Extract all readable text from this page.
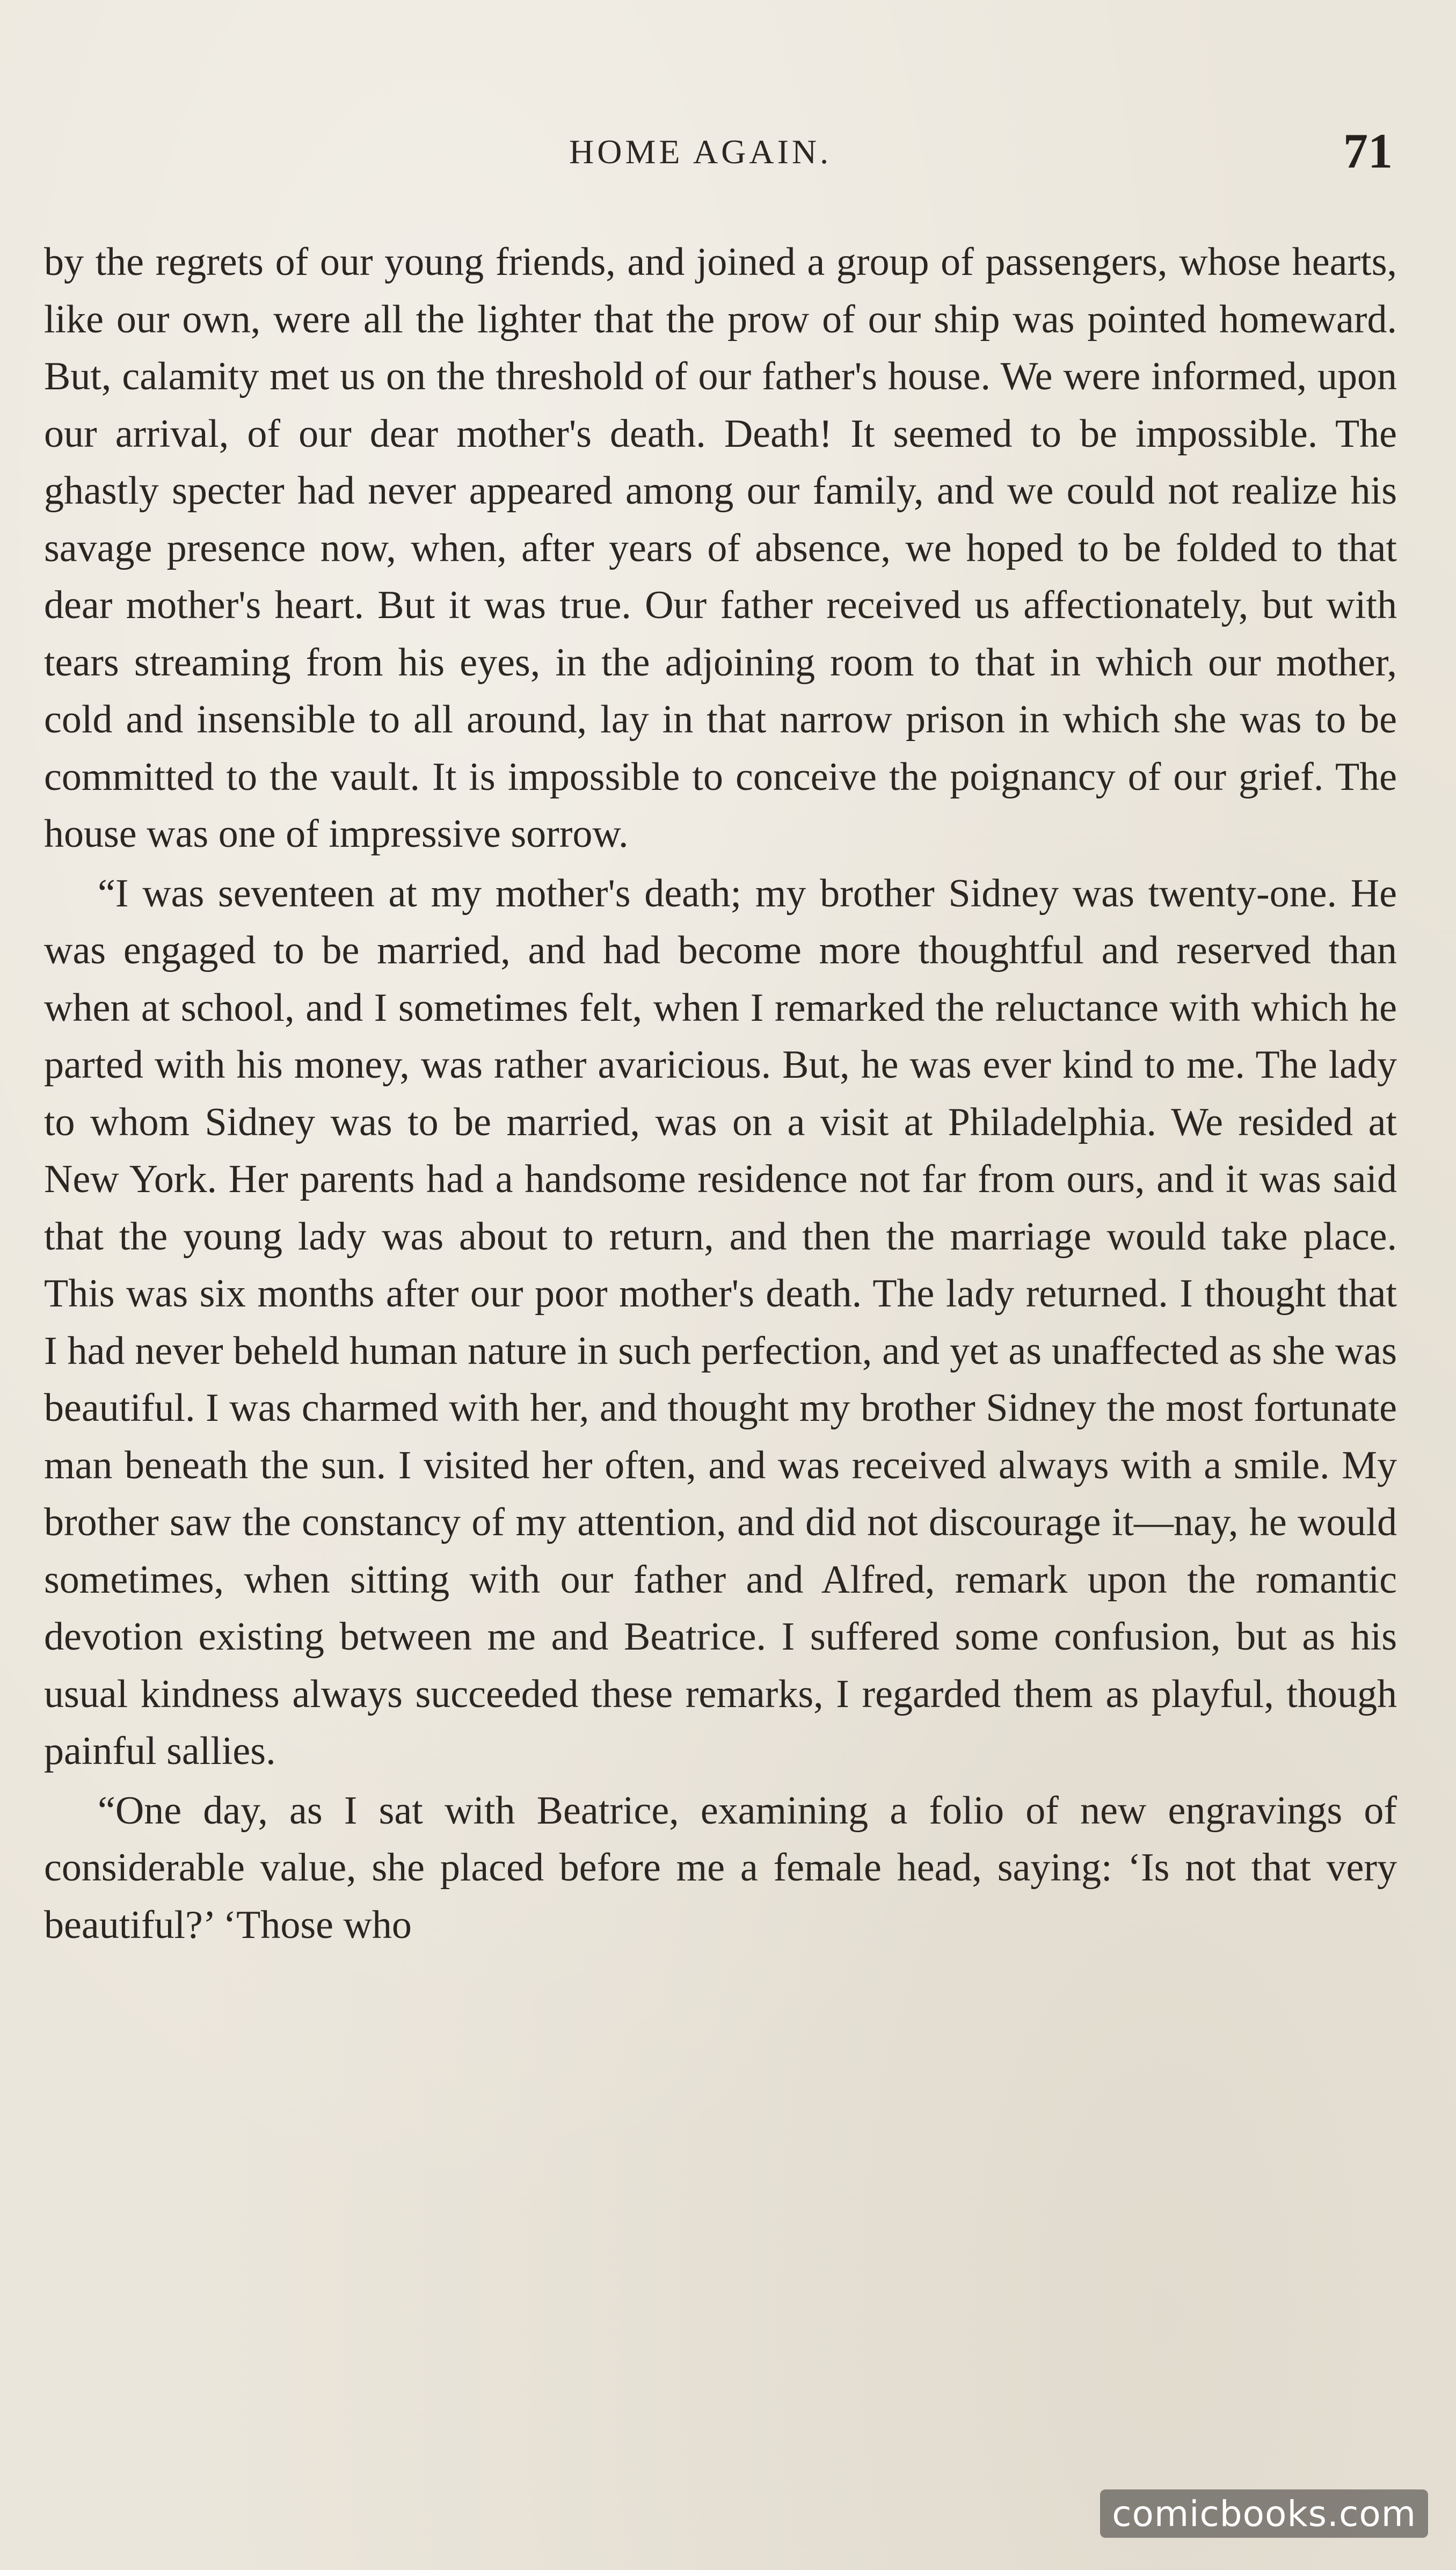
HOME AGAIN.	71

by the regrets of our young friends, and joined a group of passengers, whose hearts, like our own, were all the lighter that the prow of our ship was pointed homeward. But, calamity met us on the threshold of our father's house. We were informed, upon our arrival, of our dear mother's death. Death! It seemed to be impossible. The ghastly specter had never appeared among our family, and we could not realize his savage presence now, when, after years of absence, we hoped to be folded to that dear mother's heart. But it was true. Our father received us affectionately, but with tears streaming from his eyes, in the adjoining room to that in which our mother, cold and insensible to all around, lay in that narrow prison in which she was to be committed to the vault. It is impossible to conceive the poignancy of our grief. The house was one of impressive sorrow.

“I was seventeen at my mother's death; my brother Sidney was twenty-one. He was engaged to be married, and had become more thoughtful and reserved than when at school, and I sometimes felt, when I remarked the reluctance with which he parted with his money, was rather avaricious. But, he was ever kind to me. The lady to whom Sidney was to be married, was on a visit at Philadelphia. We resided at New York. Her parents had a handsome residence not far from ours, and it was said that the young lady was about to return, and then the marriage would take place. This was six months after our poor mother's death. The lady returned. I thought that I had never beheld human nature in such perfection, and yet as unaffected as she was beautiful. I was charmed with her, and thought my brother Sidney the most fortunate man beneath the sun. I visited her often, and was received always with a smile. My brother saw the constancy of my attention, and did not discourage it—nay, he would sometimes, when sitting with our father and Alfred, remark upon the romantic devotion existing between me and Beatrice. I suffered some confusion, but as his usual kindness always succeeded these remarks, I regarded them as playful, though painful sallies.

“One day, as I sat with Beatrice, examining a folio of new engravings of considerable value, she placed before me a female head, saying: ‘Is not that very beautiful?’ ‘Those who

comicbooks.com
